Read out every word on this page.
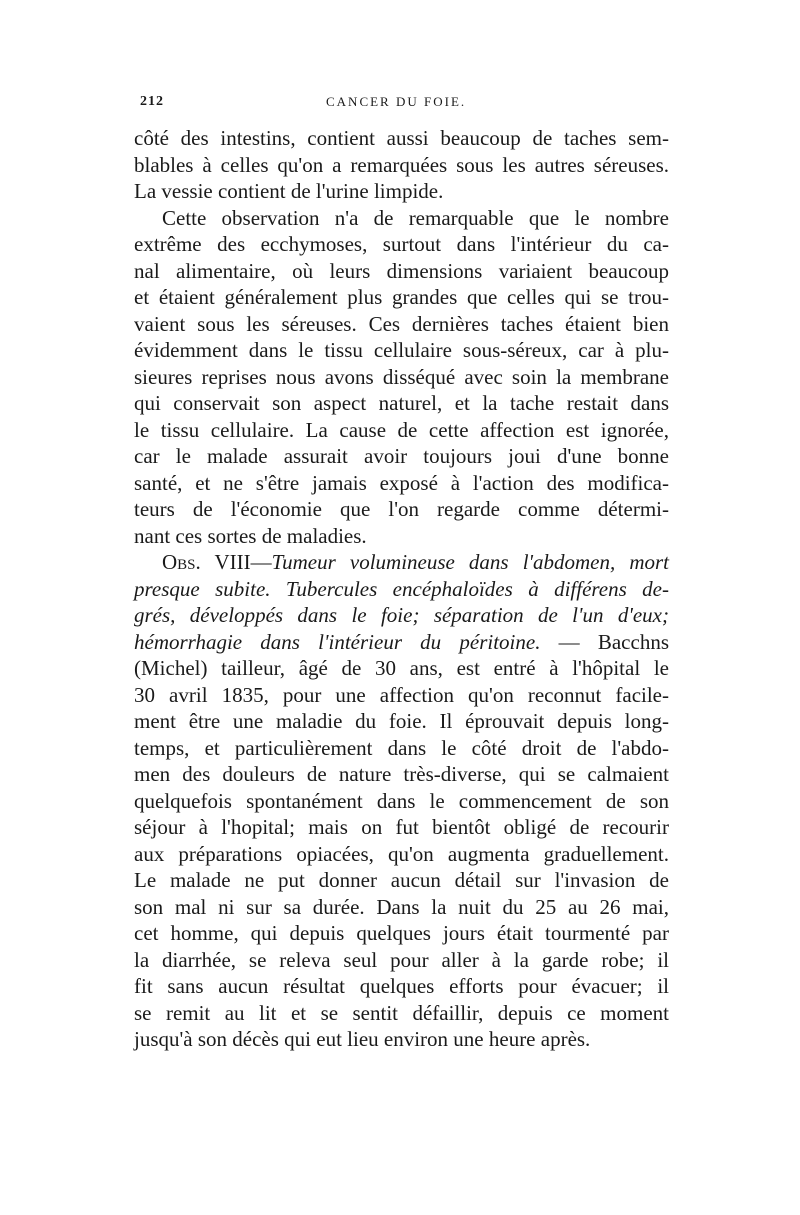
212	CANCER DU FOIE.
côté des intestins, contient aussi beaucoup de taches sem-
blables à celles qu'on a remarquées sous les autres séreuses.
La vessie contient de l'urine limpide.
Cette observation n'a de remarquable que le nombre
extrême des ecchymoses, surtout dans l'intérieur du ca-
nal alimentaire, où leurs dimensions variaient beaucoup
et étaient généralement plus grandes que celles qui se trou-
vaient sous les séreuses. Ces dernières taches étaient bien
évidemment dans le tissu cellulaire sous-séreux, car à plu-
sieures reprises nous avons disséqué avec soin la membrane
qui conservait son aspect naturel, et la tache restait dans
le tissu cellulaire. La cause de cette affection est ignorée,
car le malade assurait avoir toujours joui d'une bonne
santé, et ne s'être jamais exposé à l'action des modifica-
teurs de l'économie que l'on regarde comme détermi-
nant ces sortes de maladies.
Obs. VIII—Tumeur volumineuse dans l'abdomen, mort
presque subite. Tubercules encéphaloïdes à différens de-
grés, développés dans le foie; séparation de l'un d'eux;
hémorrhagie dans l'intérieur du péritoine. — Bacchns
(Michel) tailleur, âgé de 30 ans, est entré à l'hôpital le
30 avril 1835, pour une affection qu'on reconnut facile-
ment être une maladie du foie. Il éprouvait depuis long-
temps, et particulièrement dans le côté droit de l'abdo-
men des douleurs de nature très-diverse, qui se calmaient
quelquefois spontanément dans le commencement de son
séjour à l'hopital; mais on fut bientôt obligé de recourir
aux préparations opiacées, qu'on augmenta graduellement.
Le malade ne put donner aucun détail sur l'invasion de
son mal ni sur sa durée. Dans la nuit du 25 au 26 mai,
cet homme, qui depuis quelques jours était tourmenté par
la diarrhée, se releva seul pour aller à la garde robe; il
fit sans aucun résultat quelques efforts pour évacuer; il
se remit au lit et se sentit défaillir, depuis ce moment
jusqu'à son décès qui eut lieu environ une heure après.
